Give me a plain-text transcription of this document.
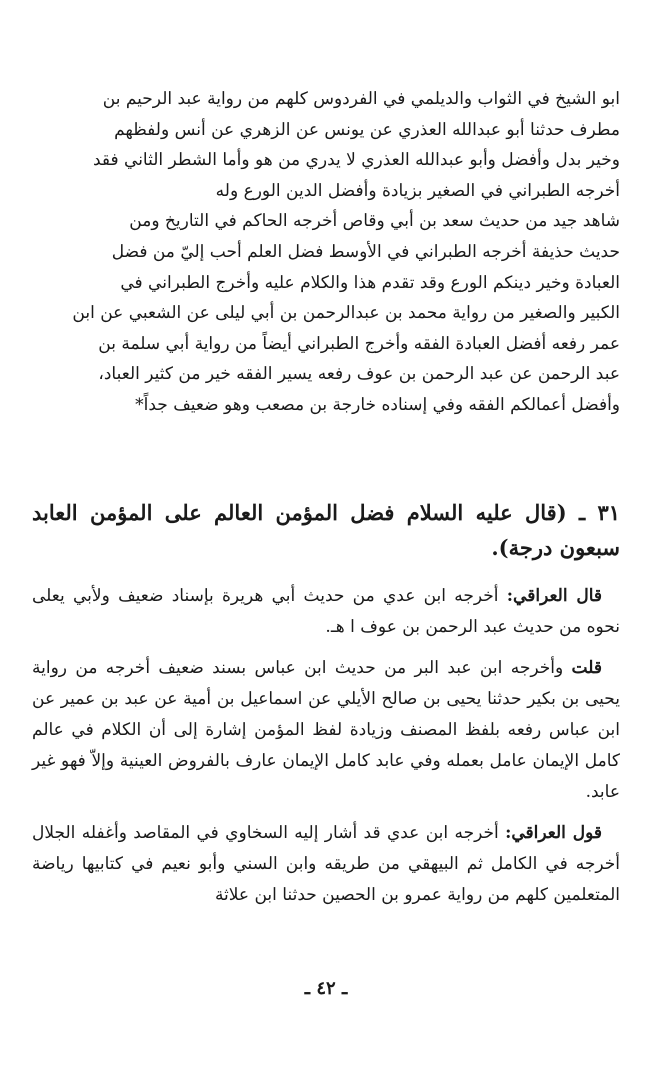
ابو الشيخ في الثواب والديلمي في الفردوس كلهم من رواية عبد الرحيم بن

مطرف حدثنا أبو عبدالله العذري عن يونس عن الزهري عن أنس ولفظهم

وخير بدل وأفضل وأبو عبدالله العذري لا يدري من هو وأما الشطر الثاني فقد

أخرجه الطبراني في الصغير بزيادة وأفضل الدين الورع وله

شاهد جيد من حديث سعد بن أبي وقاص أخرجه الحاكم في التاريخ ومن

حديث حذيفة أخرجه الطبراني في الأوسط فضل العلم أحب إليّ من فضل

العبادة وخير دينكم الورع وقد تقدم هذا والكلام عليه وأخرج الطبراني في

الكبير والصغير من رواية محمد بن عبدالرحمن بن أبي ليلى عن الشعبي عن ابن

عمر رفعه أفضل العبادة الفقه وأخرج الطبراني أيضاً من رواية أبي سلمة بن

عبد الرحمن عن عبد الرحمن بن عوف رفعه يسير الفقه خير من كثير العباد،

وأفضل أعمالكم الفقه وفي إسناده خارجة بن مصعب وهو ضعيف جداً*

٣١ ـ (قال عليه السلام فضل المؤمن العالم على المؤمن العابد سبعون درجة).

قال العراقي: أخرجه ابن عدي من حديث أبي هريرة بإسناد ضعيف ولأبي يعلى نحوه من حديث عبد الرحمن بن عوف ا هـ.

قلت وأخرجه ابن عبد البر من حديث ابن عباس بسند ضعيف أخرجه من رواية يحيى بن بكير حدثنا يحيى بن صالح الأيلي عن اسماعيل بن أمية عن عبد بن عمير عن ابن عباس رفعه بلفظ المصنف وزيادة لفظ المؤمن إشارة إلى أن الكلام في عالم كامل الإيمان عامل بعمله وفي عابد كامل الإيمان عارف بالفروض العينية وإلاّ فهو غير عابد.

قول العراقي: أخرجه ابن عدي قد أشار إليه السخاوي في المقاصد وأغفله الجلال أخرجه في الكامل ثم البيهقي من طريقه وابن السني وأبو نعيم في كتابيها رياضة المتعلمين كلهم من رواية عمرو بن الحصين حدثنا ابن علاثة

ـ ٤٢ ـ
